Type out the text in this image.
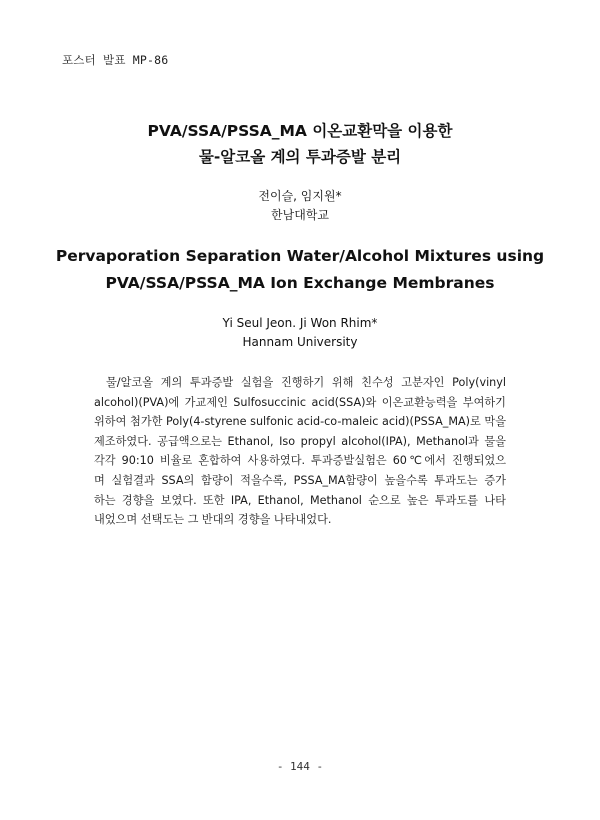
포스터 발표 MP-86
PVA/SSA/PSSA_MA 이온교환막을 이용한
물-알코올 계의 투과증발 분리
전이슬, 임지원*
한남대학교
Pervaporation Separation Water/Alcohol Mixtures using
PVA/SSA/PSSA_MA Ion Exchange Membranes
Yi Seul Jeon. Ji Won Rhim*
Hannam University
물/알코올 계의 투과증발 실험을 진행하기 위해 친수성 고분자인 Poly(vinyl
alcohol)(PVA)에 가교제인 Sulfosuccinic acid(SSA)와 이온교환능력을 부여하기
위하여 첨가한 Poly(4-styrene sulfonic acid-co-maleic acid)(PSSA_MA)로 막을
제조하였다. 공급액으로는 Ethanol, Iso propyl alcohol(IPA), Methanol과 물을
각각 90:10 비율로 혼합하여 사용하였다. 투과증발실험은 60℃에서 진행되었으
며 실험결과 SSA의 함량이 적을수록, PSSA_MA함량이 높을수록 투과도는 증가
하는 경향을 보였다. 또한 IPA, Ethanol, Methanol 순으로 높은 투과도를 나타
내었으며 선택도는 그 반대의 경향을 나타내었다.
- 144 -
